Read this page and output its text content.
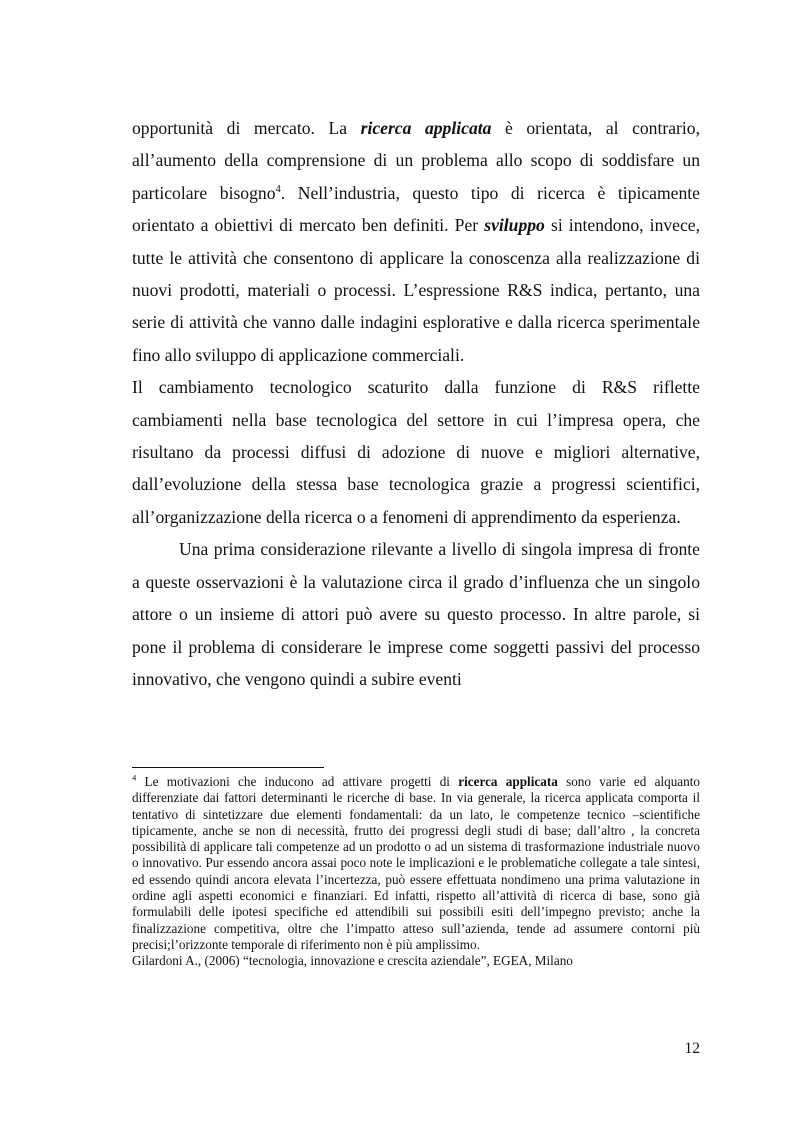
opportunità di mercato. La ricerca applicata è orientata, al contrario, all’aumento della comprensione di un problema allo scopo di soddisfare un particolare bisogno$^4$. Nell’industria, questo tipo di ricerca è tipicamente orientato a obiettivi di mercato ben definiti. Per sviluppo si intendono, invece, tutte le attività che consentono di applicare la conoscenza alla realizzazione di nuovi prodotti, materiali o processi. L’espressione R&S indica, pertanto, una serie di attività che vanno dalle indagini esplorative e dalla ricerca sperimentale fino allo sviluppo di applicazione commerciali.

Il cambiamento tecnologico scaturito dalla funzione di R&S riflette cambiamenti nella base tecnologica del settore in cui l’impresa opera, che risultano da processi diffusi di adozione di nuove e migliori alternative, dall’evoluzione della stessa base tecnologica grazie a progressi scientifici, all’organizzazione della ricerca o a fenomeni di apprendimento da esperienza.

Una prima considerazione rilevante a livello di singola impresa di fronte a queste osservazioni è la valutazione circa il grado d’influenza che un singolo attore o un insieme di attori può avere su questo processo. In altre parole, si pone il problema di considerare le imprese come soggetti passivi del processo innovativo, che vengono quindi a subire eventi

$^4$ Le motivazioni che inducono ad attivare progetti di ricerca applicata sono varie ed alquanto differenziate dai fattori determinanti le ricerche di base. In via generale, la ricerca applicata comporta il tentativo di sintetizzare due elementi fondamentali: da un lato, le competenze tecnico –scientifiche tipicamente, anche se non di necessità, frutto dei progressi degli studi di base; dall’altro , la concreta possibilità di applicare tali competenze ad un prodotto o ad un sistema di trasformazione industriale nuovo o innovativo. Pur essendo ancora assai poco note le implicazioni e le problematiche collegate a tale sintesi, ed essendo quindi ancora elevata l’incertezza, può essere effettuata nondimeno una prima valutazione in ordine agli aspetti economici e finanziari. Ed infatti, rispetto all’attività di ricerca di base, sono già formulabili delle ipotesi specifiche ed attendibili sui possibili esiti dell’impegno previsto; anche la finalizzazione competitiva, oltre che l’impatto atteso sull’azienda, tende ad assumere contorni più precisi;l’orizzonte temporale di riferimento non è più amplissimo.

Gilardoni A., (2006) “tecnologia, innovazione e crescita aziendale”, EGEA, Milano

12
